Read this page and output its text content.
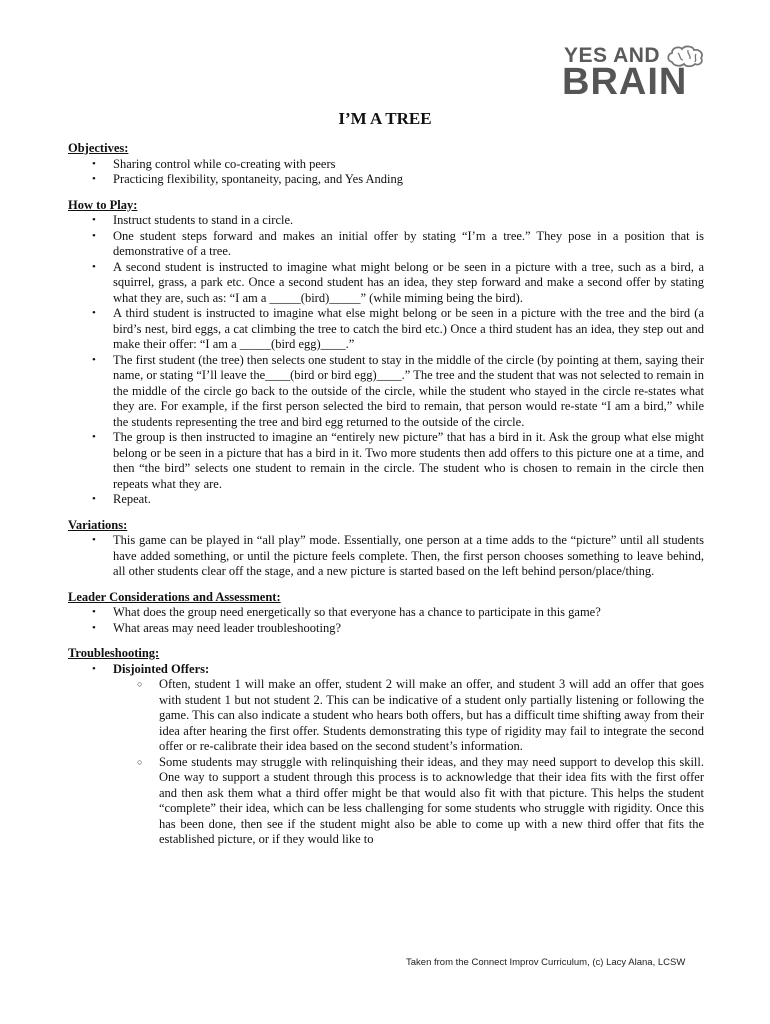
YES AND
BRAIN
I’M A TREE
Objectives:
• Sharing control while co-creating with peers
• Practicing flexibility, spontaneity, pacing, and Yes Anding
How to Play:
• Instruct students to stand in a circle.
• One student steps forward and makes an initial offer by stating “I’m a tree.” They pose in a position that is demonstrative of a tree.
• A second student is instructed to imagine what might belong or be seen in a picture with a tree, such as a bird, a squirrel, grass, a park etc. Once a second student has an idea, they step forward and make a second offer by stating what they are, such as: “I am a _____(bird)_____” (while miming being the bird).
• A third student is instructed to imagine what else might belong or be seen in a picture with the tree and the bird (a bird’s nest, bird eggs, a cat climbing the tree to catch the bird etc.) Once a third student has an idea, they step out and make their offer: “I am a _____(bird egg)____.”
• The first student (the tree) then selects one student to stay in the middle of the circle (by pointing at them, saying their name, or stating “I’ll leave the____(bird or bird egg)____.” The tree and the student that was not selected to remain in the middle of the circle go back to the outside of the circle, while the student who stayed in the circle re-states what they are. For example, if the first person selected the bird to remain, that person would re-state “I am a bird,” while the students representing the tree and bird egg returned to the outside of the circle.
• The group is then instructed to imagine an “entirely new picture” that has a bird in it. Ask the group what else might belong or be seen in a picture that has a bird in it. Two more students then add offers to this picture one at a time, and then “the bird” selects one student to remain in the circle. The student who is chosen to remain in the circle then repeats what they are.
• Repeat.
Variations:
• This game can be played in “all play” mode. Essentially, one person at a time adds to the “picture” until all students have added something, or until the picture feels complete. Then, the first person chooses something to leave behind, all other students clear off the stage, and a new picture is started based on the left behind person/place/thing.
Leader Considerations and Assessment:
• What does the group need energetically so that everyone has a chance to participate in this game?
• What areas may need leader troubleshooting?
Troubleshooting:
• Disjointed Offers:
○ Often, student 1 will make an offer, student 2 will make an offer, and student 3 will add an offer that goes with student 1 but not student 2. This can be indicative of a student only partially listening or following the game. This can also indicate a student who hears both offers, but has a difficult time shifting away from their idea after hearing the first offer. Students demonstrating this type of rigidity may fail to integrate the second offer or re-calibrate their idea based on the second student’s information.
○ Some students may struggle with relinquishing their ideas, and they may need support to develop this skill. One way to support a student through this process is to acknowledge that their idea fits with the first offer and then ask them what a third offer might be that would also fit with that picture. This helps the student “complete” their idea, which can be less challenging for some students who struggle with rigidity. Once this has been done, then see if the student might also be able to come up with a new third offer that fits the established picture, or if they would like to
Taken from the Connect Improv Curriculum, (c) Lacy Alana, LCSW
